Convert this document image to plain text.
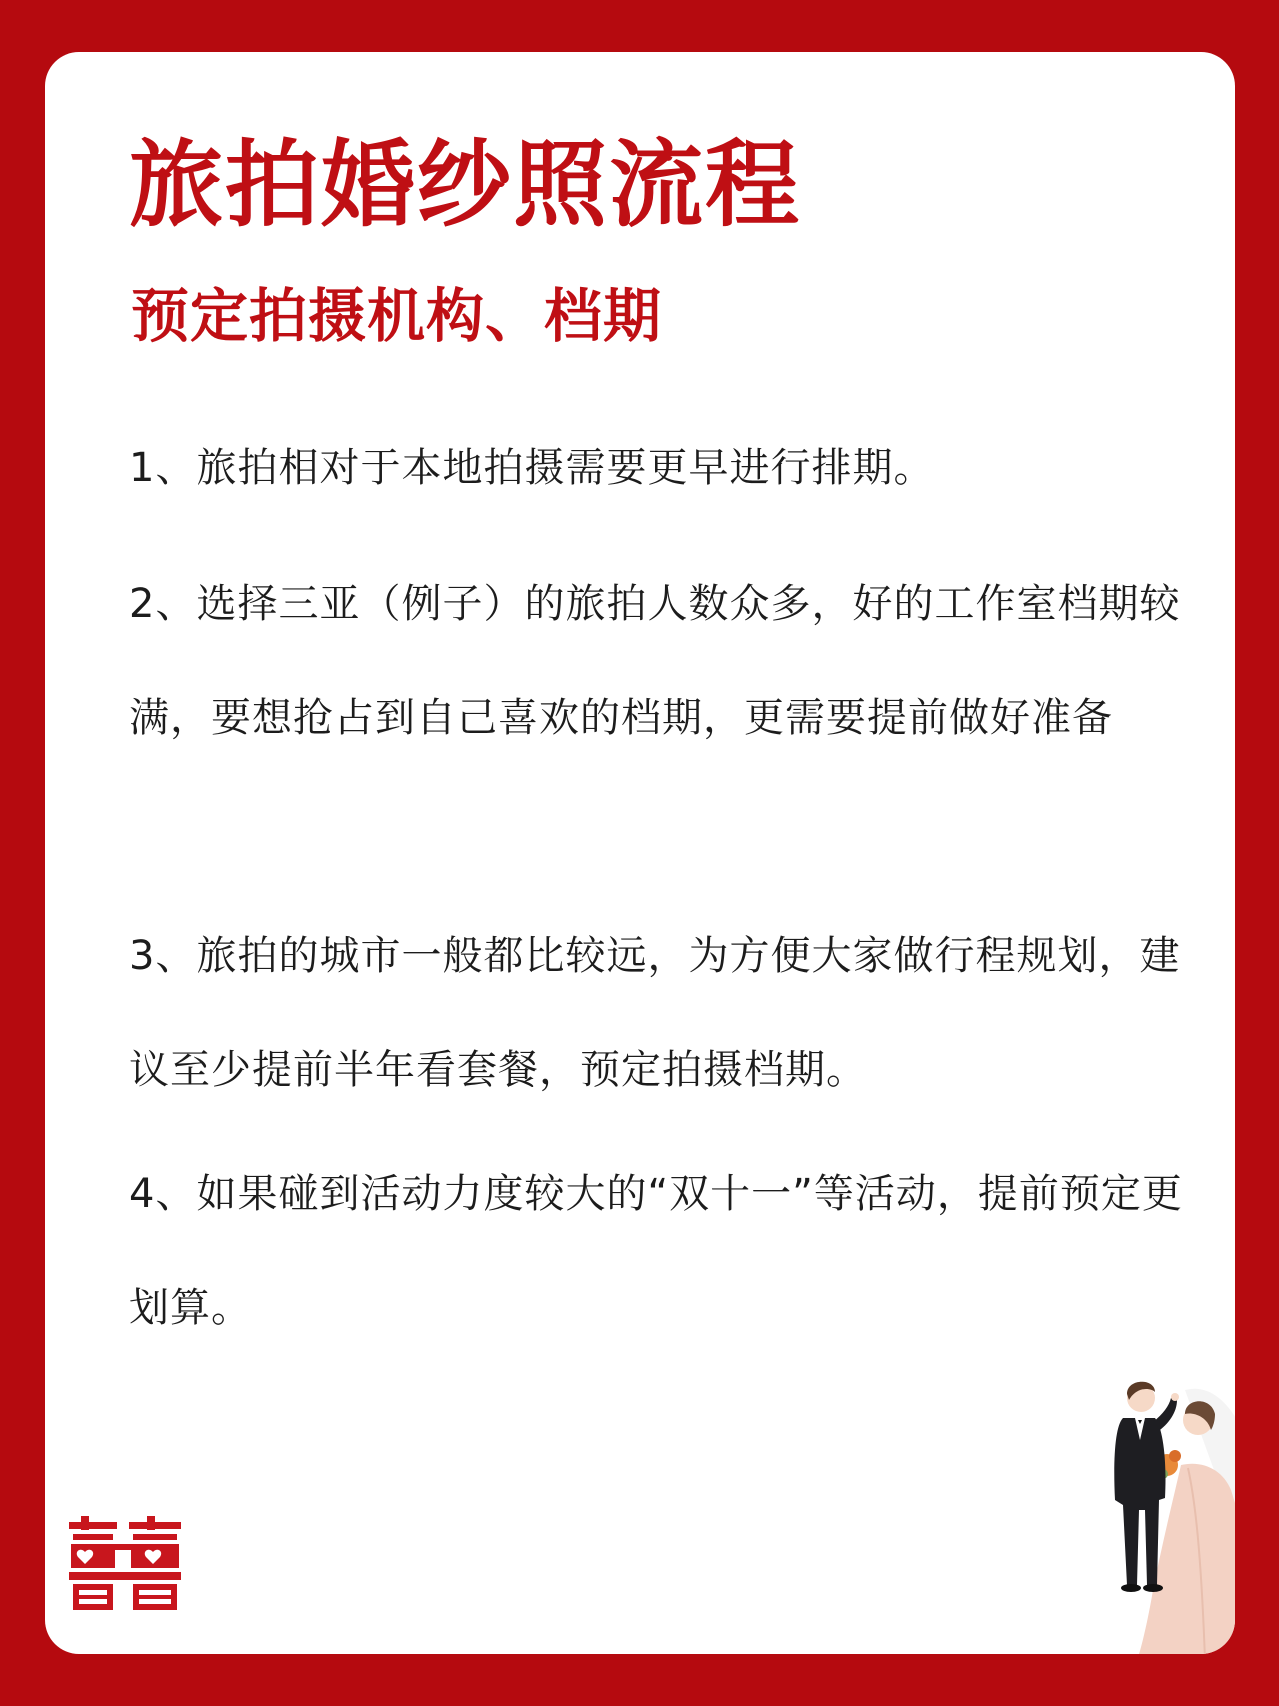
旅拍婚纱照流程
预定拍摄机构、档期

1、旅拍相对于本地拍摄需要更早进行排期。

2、选择三亚（例子）的旅拍人数众多，好的工作室档期较满，要想抢占到自己喜欢的档期，更需要提前做好准备

3、旅拍的城市一般都比较远，为方便大家做行程规划，建议至少提前半年看套餐，预定拍摄档期。

4、如果碰到活动力度较大的“双十一”等活动，提前预定更划算。
